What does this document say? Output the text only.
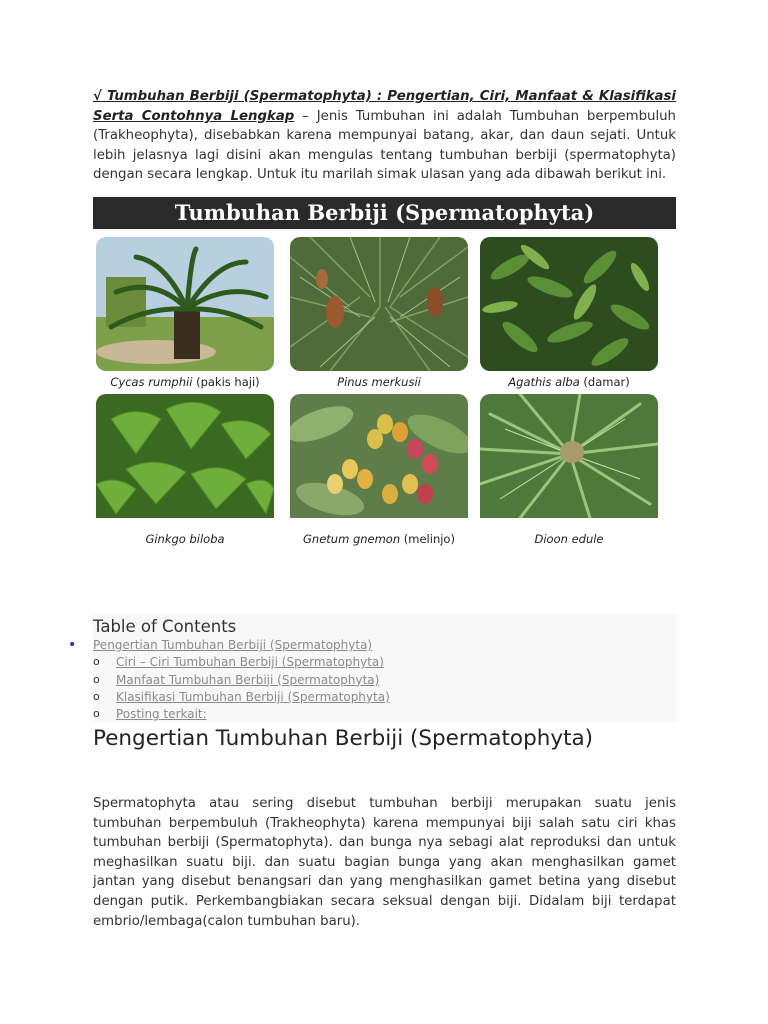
√ Tumbuhan Berbiji (Spermatophyta) : Pengertian, Ciri, Manfaat & Klasifikasi Serta Contohnya Lengkap – Jenis Tumbuhan ini adalah Tumbuhan berpembuluh (Trakheophyta), disebabkan karena mempunyai batang, akar, dan daun sejati. Untuk lebih jelasnya lagi disini akan mengulas tentang tumbuhan berbiji (spermatophyta) dengan secara lengkap. Untuk itu marilah simak ulasan yang ada dibawah berikut ini.

Tumbuhan Berbiji (Spermatophyta)
Cycas rumphii (pakis haji)	Pinus merkusii	Agathis alba (damar)
Ginkgo biloba	Gnetum gnemon (melinjo)	Dioon edule

Table of Contents

• Pengertian Tumbuhan Berbiji (Spermatophyta)
o Ciri – Ciri Tumbuhan Berbiji (Spermatophyta)
o Manfaat Tumbuhan Berbiji (Spermatophyta)
o Klasifikasi Tumbuhan Berbiji (Spermatophyta)
o Posting terkait:
Pengertian Tumbuhan Berbiji (Spermatophyta)

Spermatophyta atau sering disebut tumbuhan berbiji merupakan suatu jenis tumbuhan berpembuluh (Trakheophyta) karena mempunyai biji salah satu ciri khas tumbuhan berbiji (Spermatophyta). dan bunga nya sebagi alat reproduksi dan untuk meghasilkan suatu biji. dan suatu bagian bunga yang akan menghasilkan gamet jantan yang disebut benangsari dan yang menghasilkan gamet betina yang disebut dengan putik. Perkembangbiakan secara seksual dengan biji. Didalam biji terdapat embrio/lembaga(calon tumbuhan baru).
